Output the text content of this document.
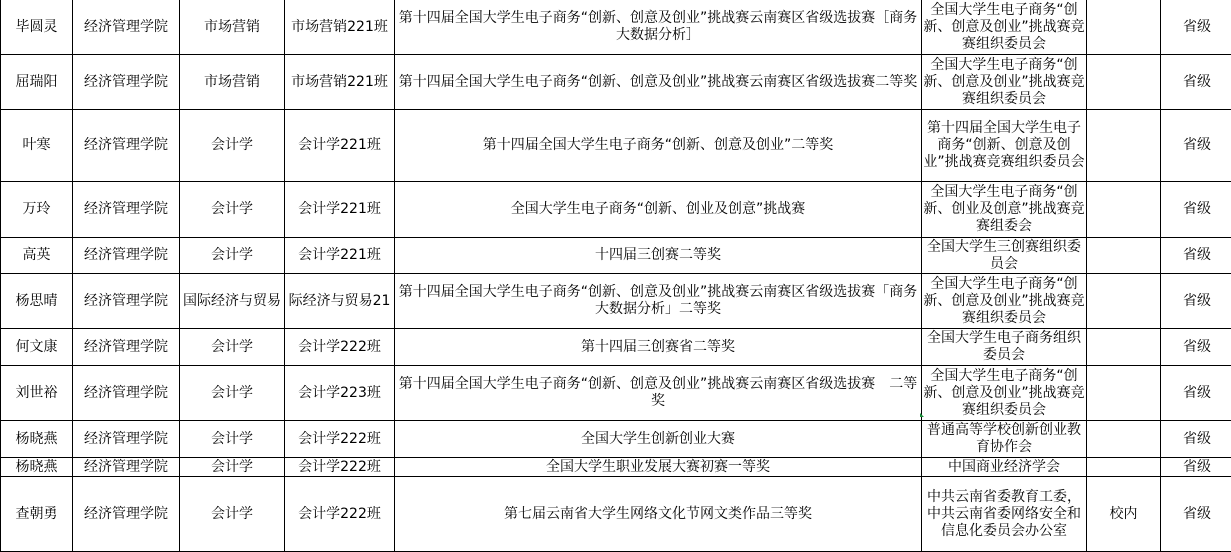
毕圆灵	经济管理学院	市场营销	市场营销221班	第十四届全国大学生电子商务“创新、创意及创业”挑战赛云南赛区省级选拔赛［商务大数据分析］	全国大学生电子商务“创新、创意及创业”挑战赛竞赛组织委员会		省级
屈瑞阳	经济管理学院	市场营销	市场营销221班	第十四届全国大学生电子商务“创新、创意及创业”挑战赛云南赛区省级选拔赛二等奖	全国大学生电子商务“创新、创意及创业”挑战赛竞赛组织委员会		省级
叶寒	经济管理学院	会计学	会计学221班	第十四届全国大学生电子商务“创新、创意及创业”二等奖	第十四届全国大学生电子商务“创新、创意及创业”挑战赛竞赛组织委员会		省级
万玲	经济管理学院	会计学	会计学221班	全国大学生电子商务“创新、创业及创意”挑战赛	全国大学生电子商务“创新、创业及创意”挑战赛竞赛组委会		省级
高英	经济管理学院	会计学	会计学221班	十四届三创赛二等奖	全国大学生三创赛组织委员会		省级
杨思晴	经济管理学院	国际经济与贸易	际经济与贸易21	第十四届全国大学生电子商务“创新、创意及创业”挑战赛云南赛区省级选拔赛「商务大数据分析」二等奖	全国大学生电子商务“创新、创意及创业”挑战赛竞赛组织委员会		省级
何文康	经济管理学院	会计学	会计学222班	第十四届三创赛省二等奖	全国大学生电子商务组织委员会		省级
刘世裕	经济管理学院	会计学	会计学223班	第十四届全国大学生电子商务“创新、创意及创业”挑战赛云南赛区省级选拔赛　二等奖	全国大学生电子商务“创新、创意及创业”挑战赛竞赛组织委员会		省级
杨晓燕	经济管理学院	会计学	会计学222班	全国大学生创新创业大赛	普通高等学校创新创业教育协作会		省级
杨晓燕	经济管理学院	会计学	会计学222班	全国大学生职业发展大赛初赛一等奖	中国商业经济学会		省级
查朝勇	经济管理学院	会计学	会计学222班	第七届云南省大学生网络文化节网文类作品三等奖	中共云南省委教育工委，中共云南省委网络安全和信息化委员会办公室	校内	省级
